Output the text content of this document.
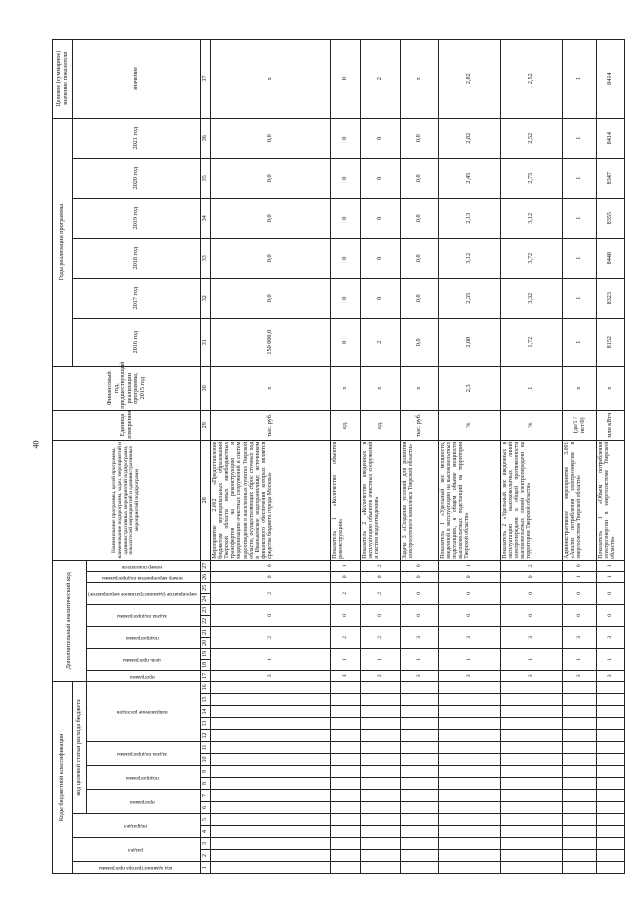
40
Коды бюджетной классификации																Дополнительный аналитический код											Наименование программы, целей программы, наименование подпрограмм, задач, мероприятий и административных мероприятий подпрограмм, показателей мероприятий и административных мероприятий подпрограмм	Единица измерения	Финансовый год, предшествующий реализации программы, 2015 год	Годы реализации программы						Целевое (суммарное) значение показателя
код администратора программы	раздел		подраздел		код целевой статьи расхода бюджета																									2016 год	2017 год	2018 год	2019 год	2020 год	2021 год	значение
					программа		подпрограмма		задача подпрограммы		направление расходов					программа	цель программы		подпрограмма		задача подпрограммы		мероприятие (административное мероприятие)		номер мероприятия подпрограммы	номер показателя										
1	2	3	4	5	6	7	8	9	10	11	12	13	14	15	16	17	18	19	20	21	22	23	24	25	26	27	28	29	30	31	32	33	34	35	36	37
																3	1		2		0		2		0	0	Мероприятие 2.002 «Предоставление бюджетам муниципальных образований Тверской области иных межбюджетных трансфертов на реконструкцию и модернизацию очистных сооружений и систем водоотведения в населенных пунктах Тверской области, осуществляющих сброс сточных вод в Иваньковское водохранилище; источником финансового обеспечения которых является средства бюджета города Москвы»	тыс. руб.	х	150 000,0	0,0	0,0	0,0	0,0	0,0	х
																3	1		2		0		2		0	1	Показатель 1 «Количество объектов реконструкции»	ед.	х	0	0	0	0	0	0	0
																3	1		2		0		2		0	2	Показатель 2 «Количество введенных в эксплуатацию объектов очистных сооружений и систем водоотведения»	ед.	х	2	0	0	0	0	0	2
																3	1		3		0		0		0	0	Задача 3 «Создание условий для развития электросетевого комплекса Тверской области»	тыс. руб.	х	0,0	0,0	0,0	0,0	0,0	0,0	х
																3	1		3		0		0		0	1	Показатель 1 «Удельный вес мощности, введенной в эксплуатацию на высоковольтных подстанциях, в общем объеме мощности высоковольтных подстанций на территории Тверской области»	%	2,3	2,08	2,35	3,12	2,13	2,45	2,82	2,82
																3	1		3		0		0		0	2	Показатель 2 «Удельный вес введенных в эксплуатацию высоковольтных линий электропередачи в общей протяженности высоковольтных линий электропередачи на территории Тверской области»	%	1	1,72	3,32	3,72	3,12	2,75	2,52	2,52
																3	1		3		0		0		1	0	Административное мероприятие 3.001 «Анализ потребления электроэнергии в энергосистеме Тверской области»	(да/1 / нет/0)	х	1	1	1	1	1	1	1
																3	1		3		0		0		1	1	Показатель 1 «Объем потребления электроэнергии в энергосистеме Тверской области»	млн кВтч	х	8152	8323	8448	8355	8347	8414	8414
